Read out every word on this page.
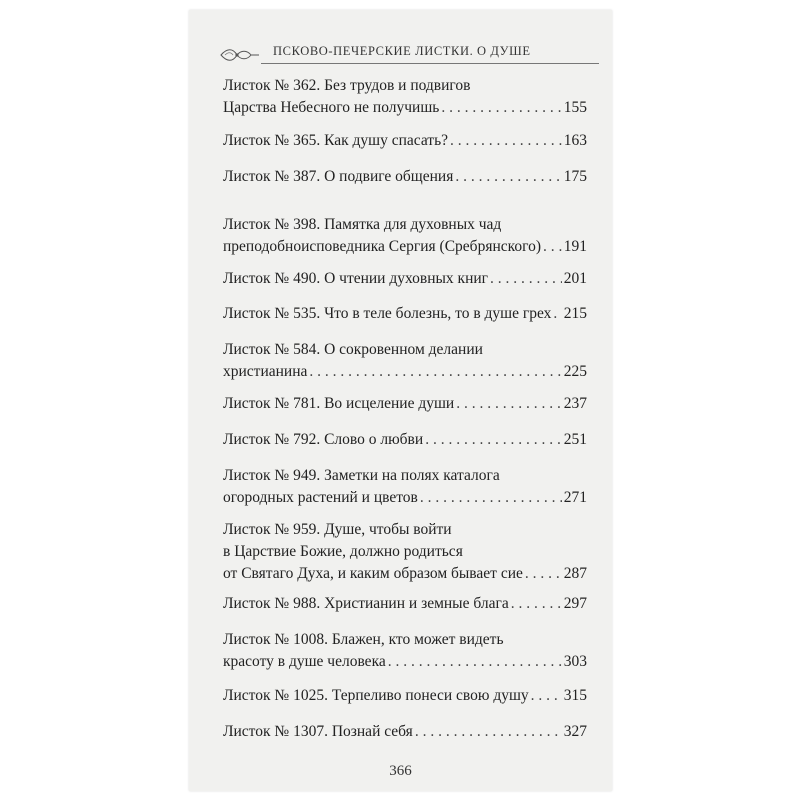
ПСКОВО-ПЕЧЕРСКИЕ ЛИСТКИ. О ДУШЕ
Листок № 362. Без трудов и подвигов
Царства Небесного не получишь . . .	155
Листок № 365. Как душу спасать? . . .	163
Листок № 387. О подвиге общения . . .	175
Листок № 398. Памятка для духовных чад
преподобноисповедника Сергия (Сребрянского) . . . 191
Листок № 490. О чтении духовных книг . . .	201
Листок № 535. Что в теле болезнь, то в душе грех . . . 215
Листок № 584. О сокровенном делании
христианина . . .	225
Листок № 781. Во исцеление души . . .	237
Листок № 792. Слово о любви . . .	251
Листок № 949. Заметки на полях каталога
огородных растений и цветов . . .	271
Листок № 959. Душе, чтобы войти
в Царствие Божие, должно родиться
от Святаго Духа, и каким образом бывает сие . . .	287
Листок № 988. Христианин и земные блага . . .	297
Листок № 1008. Блажен, кто может видеть
красоту в душе человека . . .	303
Листок № 1025. Терпеливо понеси свою душу . . . 315
Листок № 1307. Познай себя . . .	327
366
